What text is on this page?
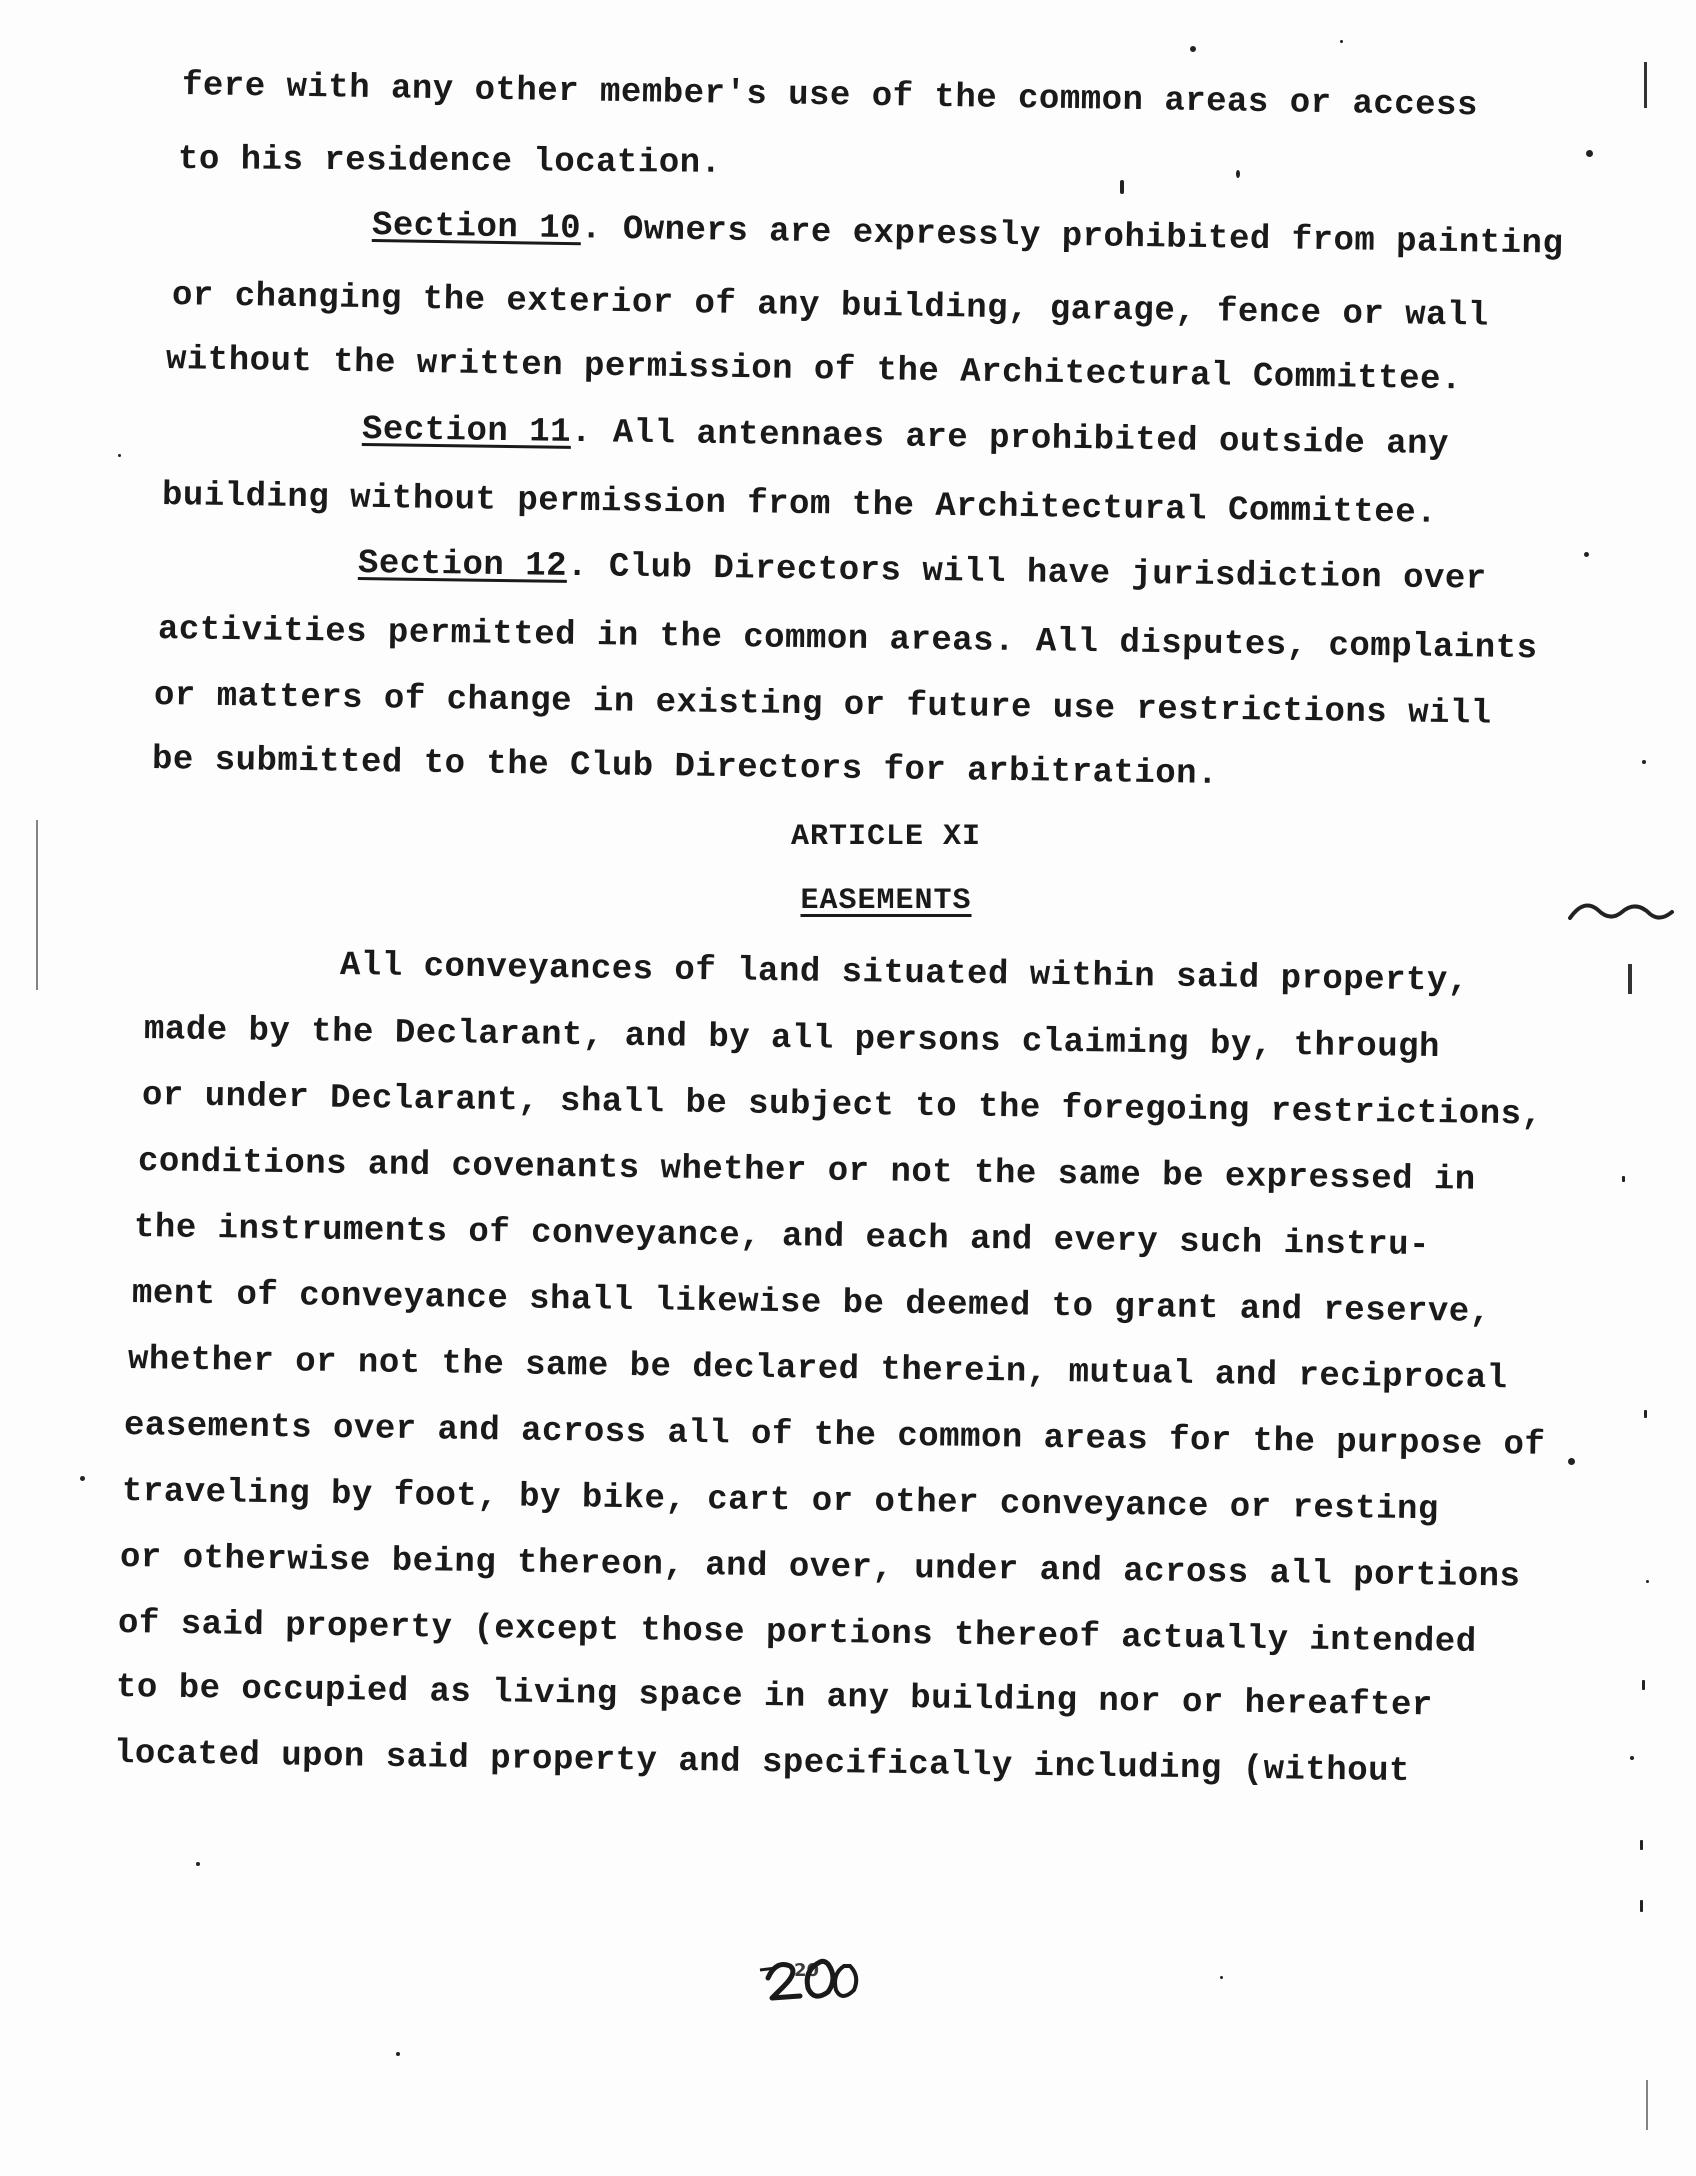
fere with any other member's use of the common areas or access
to his residence location.
Section 10. Owners are expressly prohibited from painting
or changing the exterior of any building, garage, fence or wall
without the written permission of the Architectural Committee.
Section 11. All antennaes are prohibited outside any
building without permission from the Architectural Committee.
Section 12. Club Directors will have jurisdiction over
activities permitted in the common areas. All disputes, complaints
or matters of change in existing or future use restrictions will
be submitted to the Club Directors for arbitration.
ARTICLE XI
EASEMENTS
All conveyances of land situated within said property,
made by the Declarant, and by all persons claiming by, through
or under Declarant, shall be subject to the foregoing restrictions,
conditions and covenants whether or not the same be expressed in
the instruments of conveyance, and each and every such instru-
ment of conveyance shall likewise be deemed to grant and reserve,
whether or not the same be declared therein, mutual and reciprocal
easements over and across all of the common areas for the purpose of
traveling by foot, by bike, cart or other conveyance or resting
or otherwise being thereon, and over, under and across all portions
of said property (except those portions thereof actually intended
to be occupied as living space in any building nor or hereafter
located upon said property and specifically including (without
20
